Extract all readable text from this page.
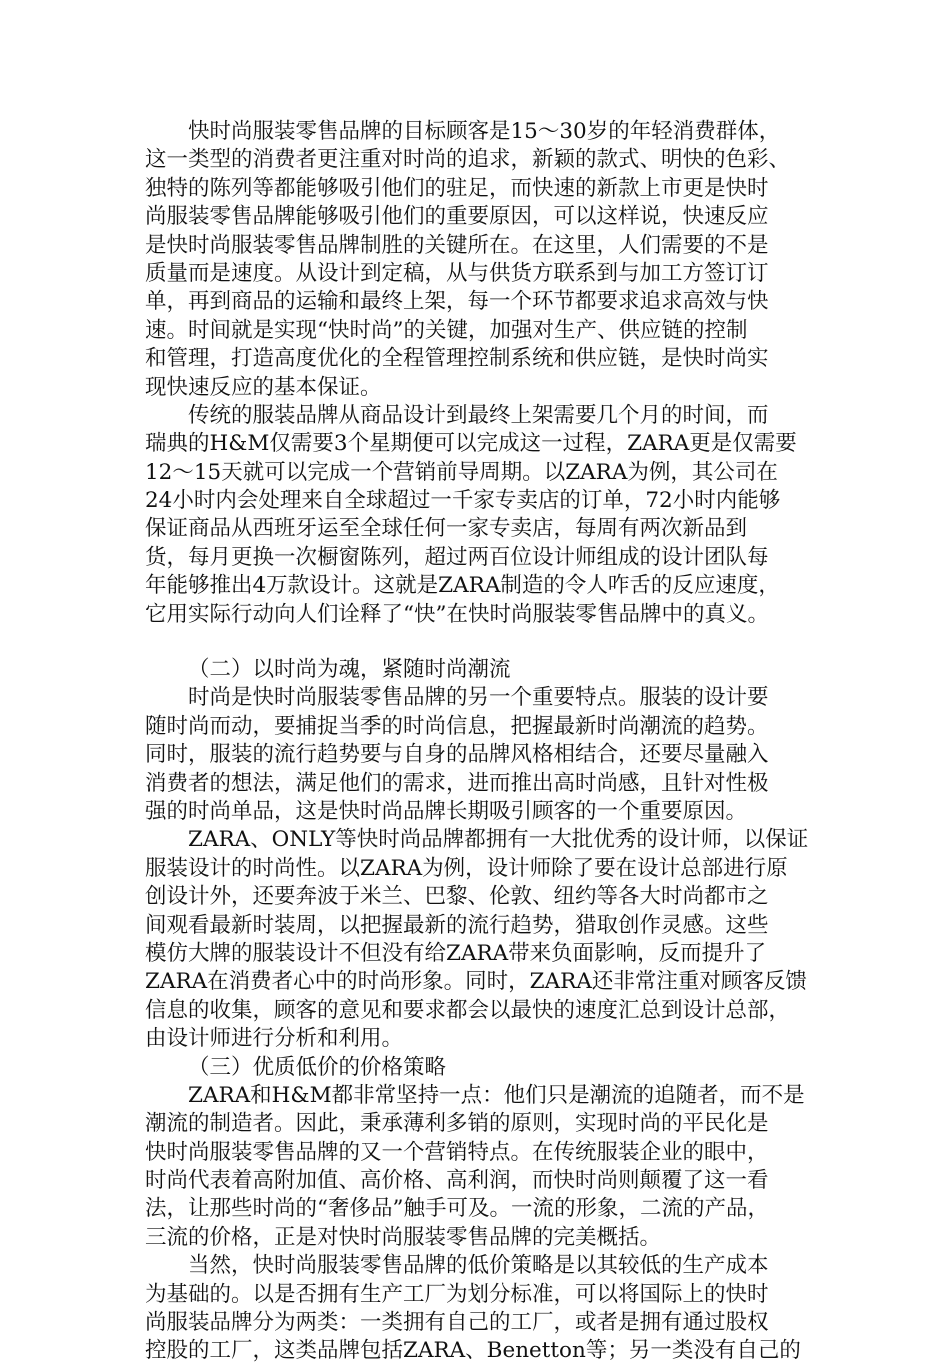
快时尚服装零售品牌的目标顾客是15～30岁的年轻消费群体，
这一类型的消费者更注重对时尚的追求，新颖的款式、明快的色彩、
独特的陈列等都能够吸引他们的驻足，而快速的新款上市更是快时
尚服装零售品牌能够吸引他们的重要原因，可以这样说，快速反应
是快时尚服装零售品牌制胜的关键所在。在这里，人们需要的不是
质量而是速度。从设计到定稿，从与供货方联系到与加工方签订订
单，再到商品的运输和最终上架，每一个环节都要求追求高效与快
速。时间就是实现“快时尚”的关键，加强对生产、供应链的控制
和管理，打造高度优化的全程管理控制系统和供应链，是快时尚实
现快速反应的基本保证。
传统的服装品牌从商品设计到最终上架需要几个月的时间，而
瑞典的H&M仅需要3个星期便可以完成这一过程，ZARA更是仅需要
12～15天就可以完成一个营销前导周期。以ZARA为例，其公司在
24小时内会处理来自全球超过一千家专卖店的订单，72小时内能够
保证商品从西班牙运至全球任何一家专卖店，每周有两次新品到
货，每月更换一次橱窗陈列，超过两百位设计师组成的设计团队每
年能够推出4万款设计。这就是ZARA制造的令人咋舌的反应速度，
它用实际行动向人们诠释了“快”在快时尚服装零售品牌中的真义。
（二）以时尚为魂，紧随时尚潮流
时尚是快时尚服装零售品牌的另一个重要特点。服装的设计要
随时尚而动，要捕捉当季的时尚信息，把握最新时尚潮流的趋势。
同时，服装的流行趋势要与自身的品牌风格相结合，还要尽量融入
消费者的想法，满足他们的需求，进而推出高时尚感，且针对性极
强的时尚单品，这是快时尚品牌长期吸引顾客的一个重要原因。
ZARA、ONLY等快时尚品牌都拥有一大批优秀的设计师，以保证
服装设计的时尚性。以ZARA为例，设计师除了要在设计总部进行原
创设计外，还要奔波于米兰、巴黎、伦敦、纽约等各大时尚都市之
间观看最新时装周，以把握最新的流行趋势，猎取创作灵感。这些
模仿大牌的服装设计不但没有给ZARA带来负面影响，反而提升了
ZARA在消费者心中的时尚形象。同时，ZARA还非常注重对顾客反馈
信息的收集，顾客的意见和要求都会以最快的速度汇总到设计总部，
由设计师进行分析和利用。
（三）优质低价的价格策略
ZARA和H&M都非常坚持一点：他们只是潮流的追随者，而不是
潮流的制造者。因此，秉承薄利多销的原则，实现时尚的平民化是
快时尚服装零售品牌的又一个营销特点。在传统服装企业的眼中，
时尚代表着高附加值、高价格、高利润，而快时尚则颠覆了这一看
法，让那些时尚的“奢侈品”触手可及。一流的形象，二流的产品，
三流的价格，正是对快时尚服装零售品牌的完美概括。
当然，快时尚服装零售品牌的低价策略是以其较低的生产成本
为基础的。以是否拥有生产工厂为划分标准，可以将国际上的快时
尚服装品牌分为两类：一类拥有自己的工厂，或者是拥有通过股权
控股的工厂，这类品牌包括ZARA、Benetton等；另一类没有自己的
